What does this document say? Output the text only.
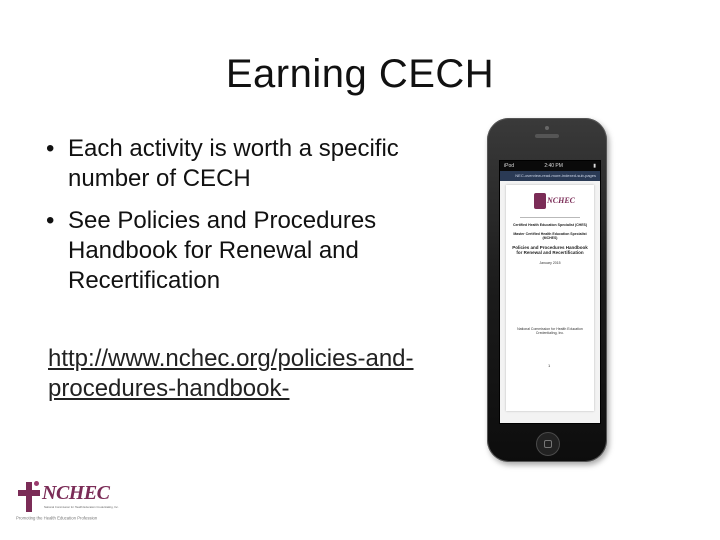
Earning CECH
• Each activity is worth a specific number of CECH
• See Policies and Procedures Handbook for Renewal and Recertification
http://www.nchec.org/policies-and-
procedures-handbook-
iPod	2:40 PM	▮
NEC-overview-read-more-indexed-sub-pages
NCHEC
Certified Health Education Specialist (CHES)
Master Certified Health Education Specialist (MCHES)
Policies and Procedures Handbook for Renewal and Recertification
January 2015
National Commission for Health Education Credentialing, Inc.
1
NCHEC
National Commission for Health Education Credentialing, Inc.
Promoting the Health Education Profession
